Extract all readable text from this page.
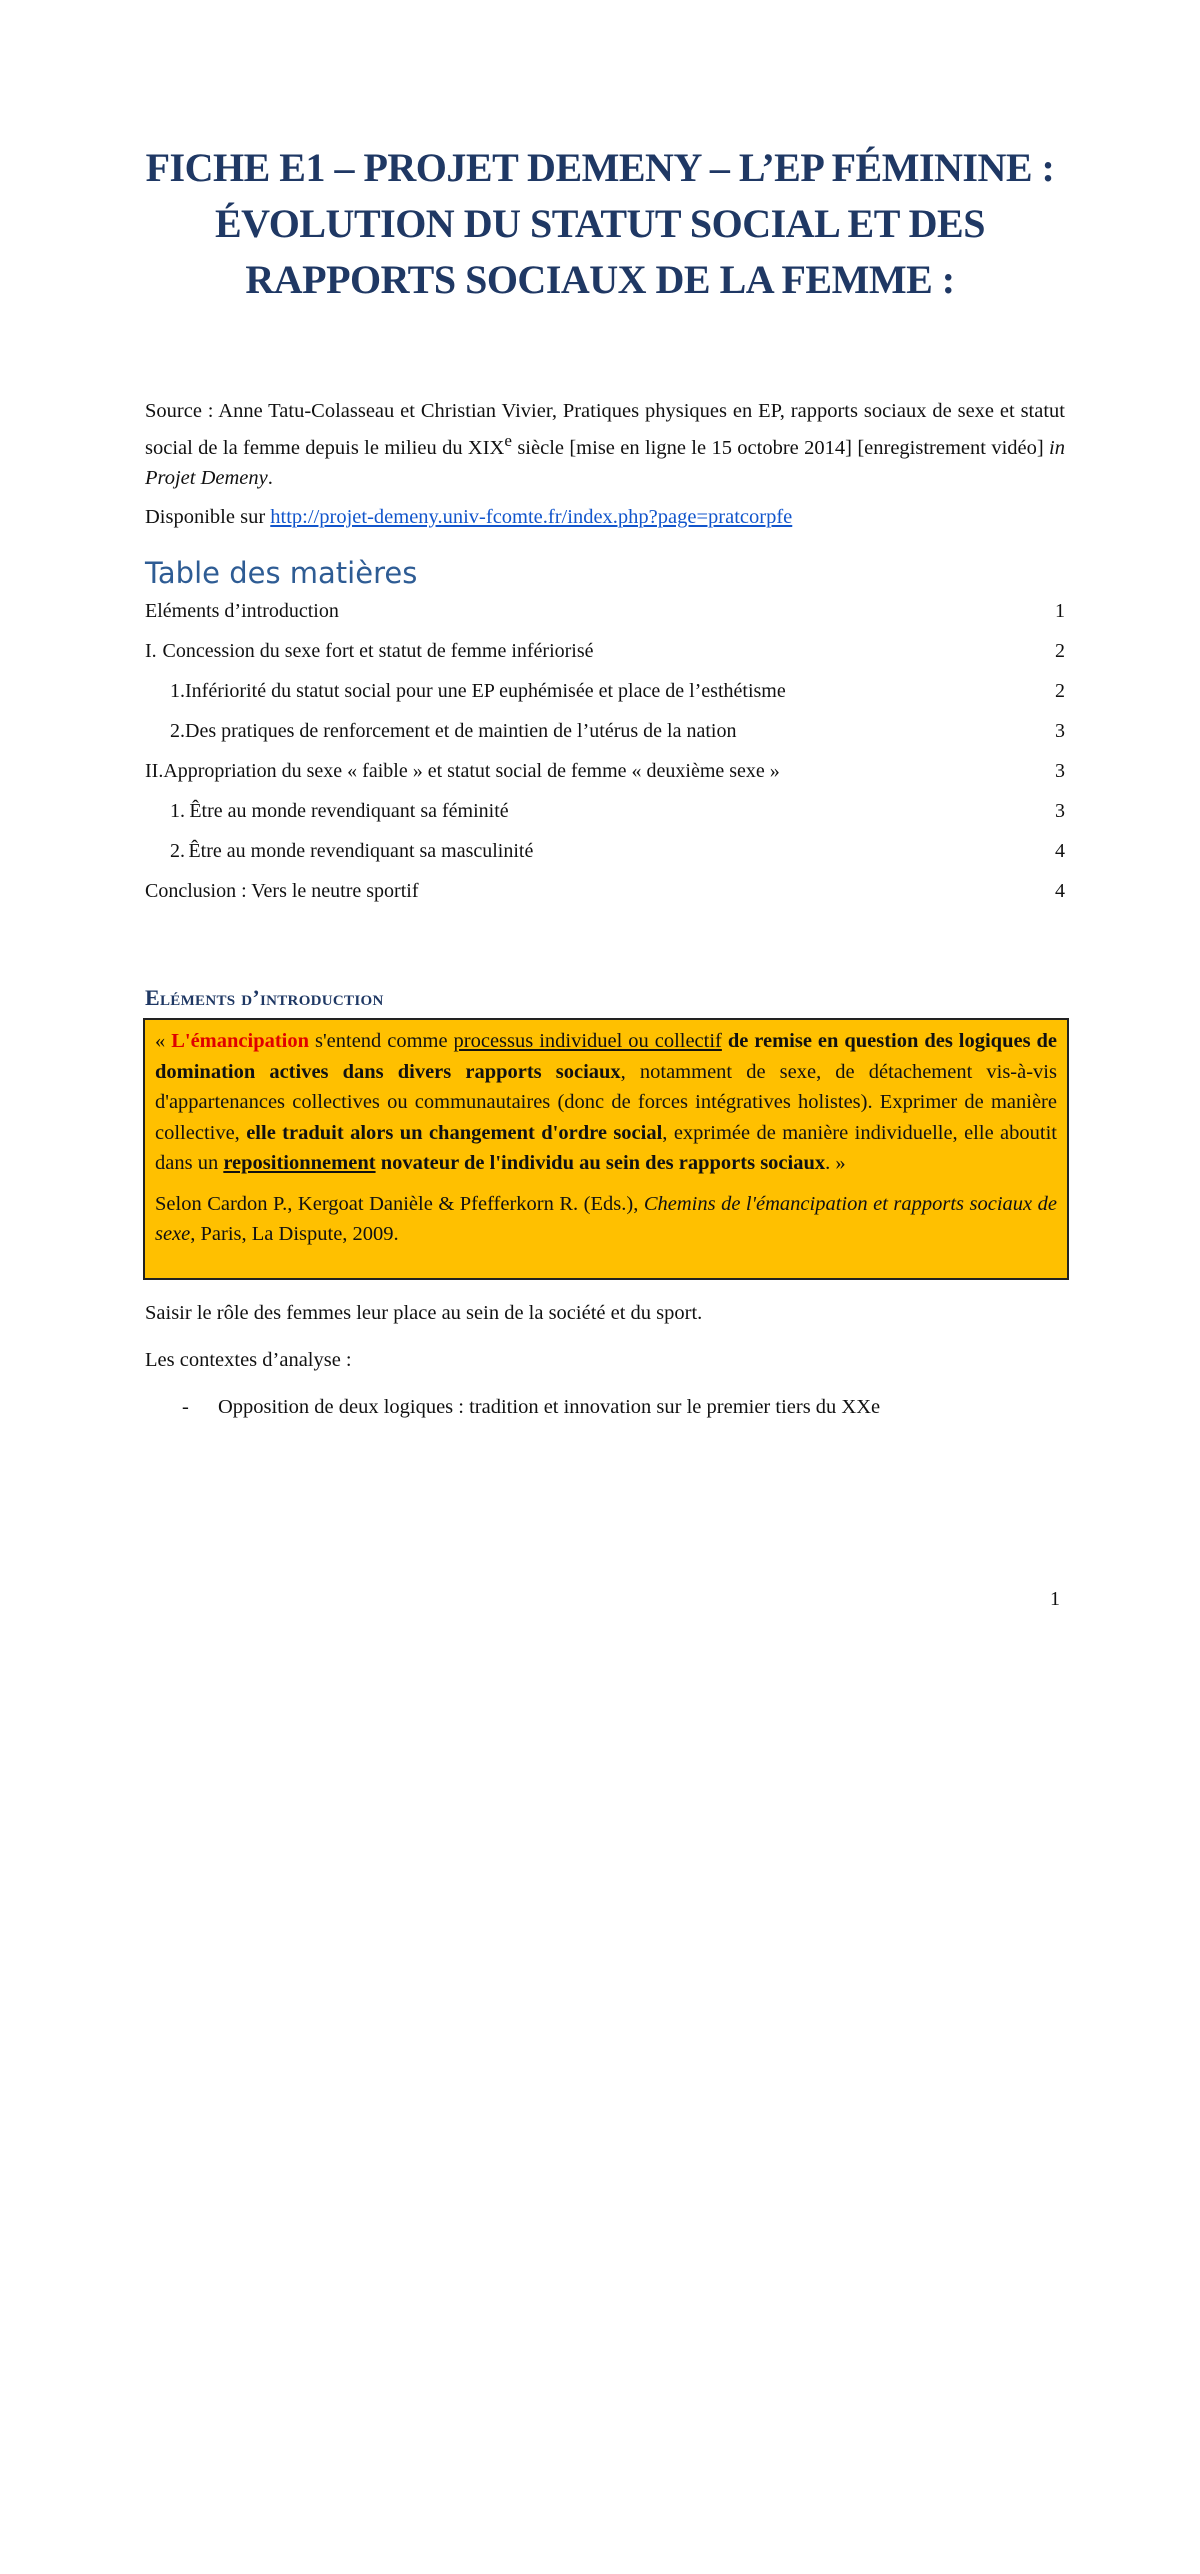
FICHE E1 – PROJET DEMENY – L’EP FÉMININE : ÉVOLUTION DU STATUT SOCIAL ET DES RAPPORTS SOCIAUX DE LA FEMME :

Source : Anne Tatu-Colasseau et Christian Vivier, Pratiques physiques en EP, rapports sociaux de sexe et statut social de la femme depuis le milieu du XIXe siècle [mise en ligne le 15 octobre 2014] [enregistrement vidéo] in Projet Demeny.

Disponible sur http://projet-demeny.univ-fcomte.fr/index.php?page=pratcorpfe

Table des matières
Eléments d’introduction	1
I. Concession du sexe fort et statut de femme infériorisé	2
1. Infériorité du statut social pour une EP euphémisée et place de l’esthétisme	2
2. Des pratiques de renforcement et de maintien de l’utérus de la nation	3
II. Appropriation du sexe « faible » et statut social de femme « deuxième sexe »	3
1. Être au monde revendiquant sa féminité	3
2. Être au monde revendiquant sa masculinité	4
Conclusion : Vers le neutre sportif	4
Eléments d’introduction

« L'émancipation s'entend comme processus individuel ou collectif de remise en question des logiques de domination actives dans divers rapports sociaux, notamment de sexe, de détachement vis-à-vis d'appartenances collectives ou communautaires (donc de forces intégratives holistes). Exprimer de manière collective, elle traduit alors un changement d'ordre social, exprimée de manière individuelle, elle aboutit dans un repositionnement novateur de l'individu au sein des rapports sociaux. »

Selon Cardon P., Kergoat Danièle & Pfefferkorn R. (Eds.), Chemins de l'émancipation et rapports sociaux de sexe, Paris, La Dispute, 2009.

Saisir le rôle des femmes leur place au sein de la société et du sport.

Les contextes d’analyse :

- Opposition de deux logiques : tradition et innovation sur le premier tiers du XXe
1
